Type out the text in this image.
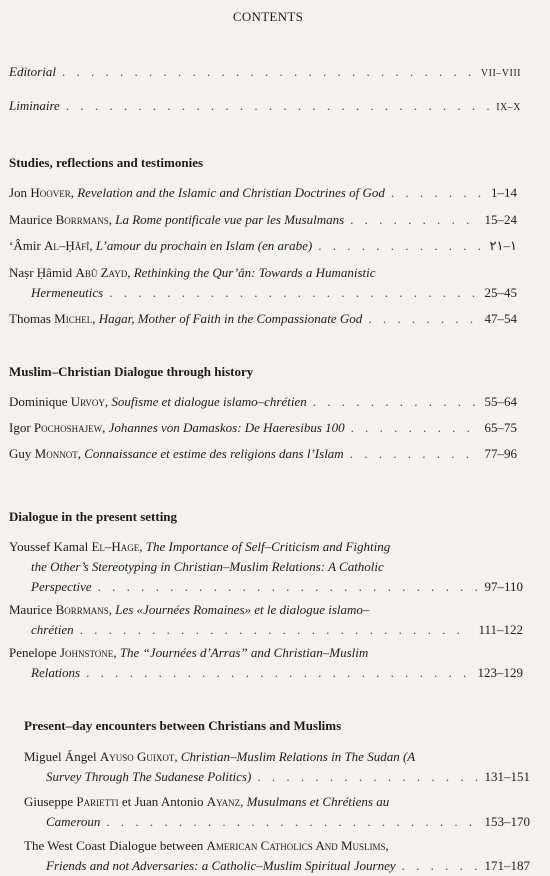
CONTENTS
Editorial . . .	VII–VIII
Liminaire . . .	IX–X
Studies, reflections and testimonies
Jon Hoover, Revelation and the Islamic and Christian Doctrines of God . . .	1–14
Maurice Borrmans, La Rome pontificale vue par les Musulmans . . .	15–24
‘Âmir Al–Ḥâfî, L’amour du prochain en Islam (en arabe) . . .	١–٢١
Naṣr Ḥâmid Abû Zayd, Rethinking the Qur’ân: Towards a Humanistic
Hermeneutics . . .	25–45
Thomas Michel, Hagar, Mother of Faith in the Compassionate God . . .	47–54
Muslim–Christian Dialogue through history
Dominique Urvoy, Soufisme et dialogue islamo–chrétien . . .	55–64
Igor Pochoshajew, Johannes von Damaskos: De Haeresibus 100 . . .	65–75
Guy Monnot, Connaissance et estime des religions dans l’Islam . . .	77–96
Dialogue in the present setting
Youssef Kamal El–Hage, The Importance of Self–Criticism and Fighting
the Other’s Stereotyping in Christian–Muslim Relations: A Catholic
Perspective . . .	97–110
Maurice Borrmans, Les «Journées Romaines» et le dialogue islamo–
chrétien . . .	111–122
Penelope Johnstone, The “Journées d’Arras” and Christian–Muslim
Relations . . .	123–129
Present–day encounters between Christians and Muslims
Miguel Ángel Ayuso Guixot, Christian–Muslim Relations in The Sudan (A
Survey Through The Sudanese Politics) . . .	131–151
Giuseppe Parietti et Juan Antonio Ayanz, Musulmans et Chrétiens au
Cameroun . . .	153–170
The West Coast Dialogue between American Catholics And Muslims,
Friends and not Adversaries: a Catholic–Muslim Spiritual Journey . . .	171–187
